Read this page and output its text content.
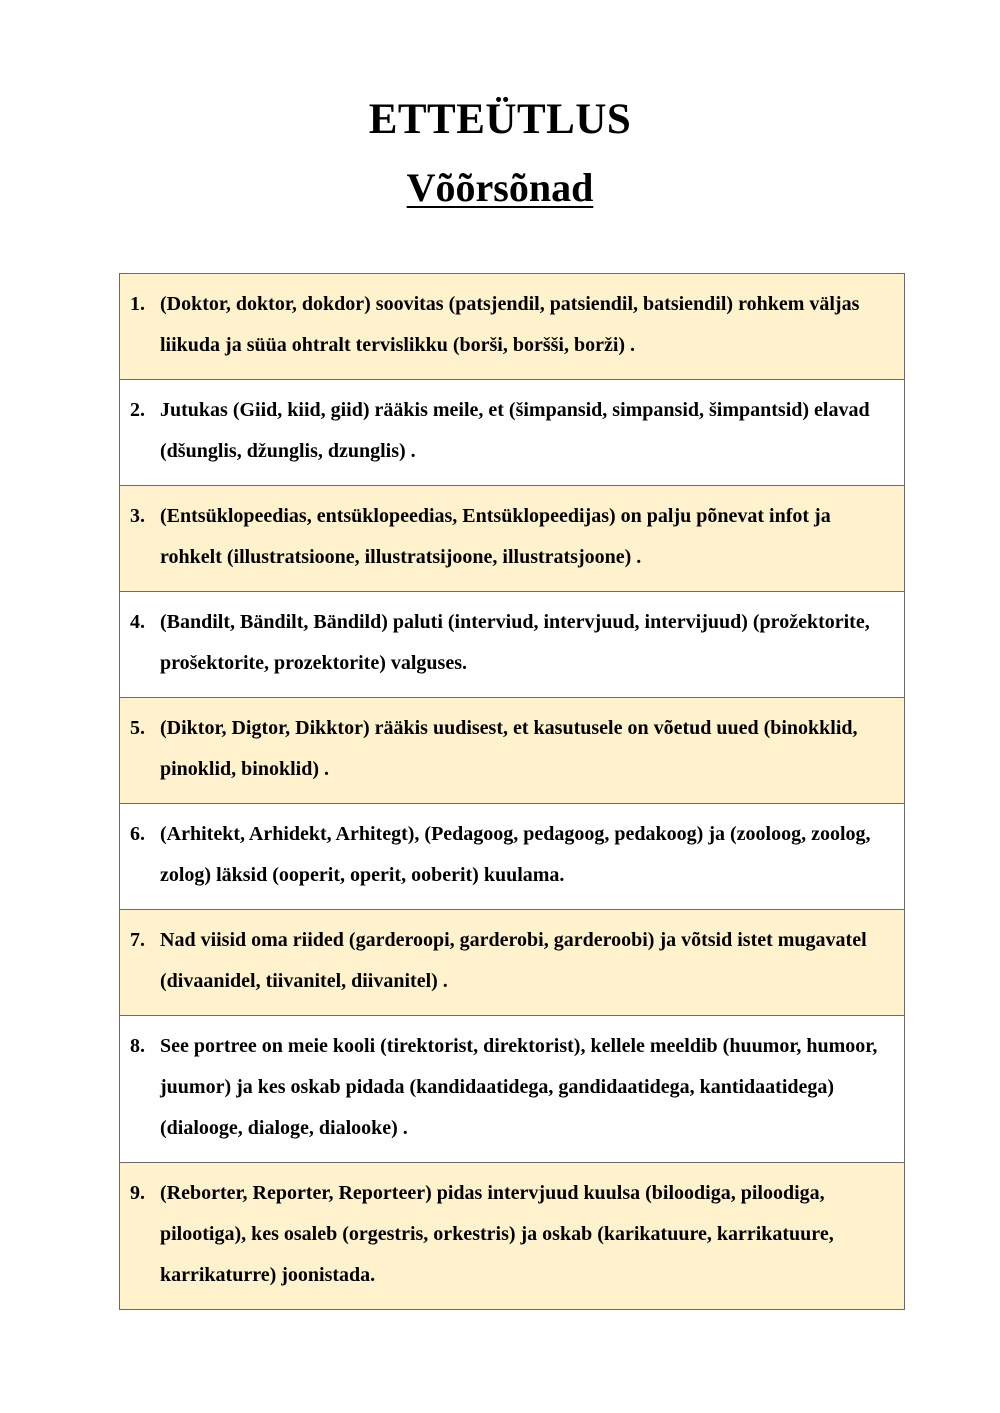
ETTEÜTLUS
Võõrsõnad
1. (Doktor, doktor, dokdor) soovitas (patsjendil, patsiendil, batsiendil) rohkem väljas liikuda ja süüa ohtralt tervislikku (borši, boršši, borži) .

2. Jutukas (Giid, kiid, giid) rääkis meile, et (šimpansid, simpansid, šimpantsid) elavad (dšunglis, džunglis, dzunglis) .

3. (Entsüklopeedias, entsüklopeedias, Entsüklopeedijas) on palju põnevat infot ja rohkelt (illustratsioone, illustratsijoone, illustratsjoone) .

4. (Bandilt, Bändilt, Bändild) paluti (interviud, intervjuud, intervijuud) (prožektorite, prošektorite, prozektorite) valguses.

5. (Diktor, Digtor, Dikktor) rääkis uudisest, et kasutusele on võetud uued (binokklid, pinoklid, binoklid) .

6. (Arhitekt, Arhidekt, Arhitegt), (Pedagoog, pedagoog, pedakoog) ja (zooloog, zoolog, zolog) läksid (ooperit, operit, ooberit) kuulama.

7. Nad viisid oma riided (garderoopi, garderobi, garderoobi) ja võtsid istet mugavatel (divaanidel, tiivanitel, diivanitel) .

8. See portree on meie kooli (tirektorist, direktorist), kellele meeldib (huumor, humoor, juumor) ja kes oskab pidada (kandidaatidega, gandidaatidega, kantidaatidega) (dialooge, dialoge, dialooke) .

9. (Reborter, Reporter, Reporteer) pidas intervjuud kuulsa (biloodiga, piloodiga, pilootiga), kes osaleb (orgestris, orkestris) ja oskab (karikatuure, karrikatuure, karrikaturre) joonistada.
